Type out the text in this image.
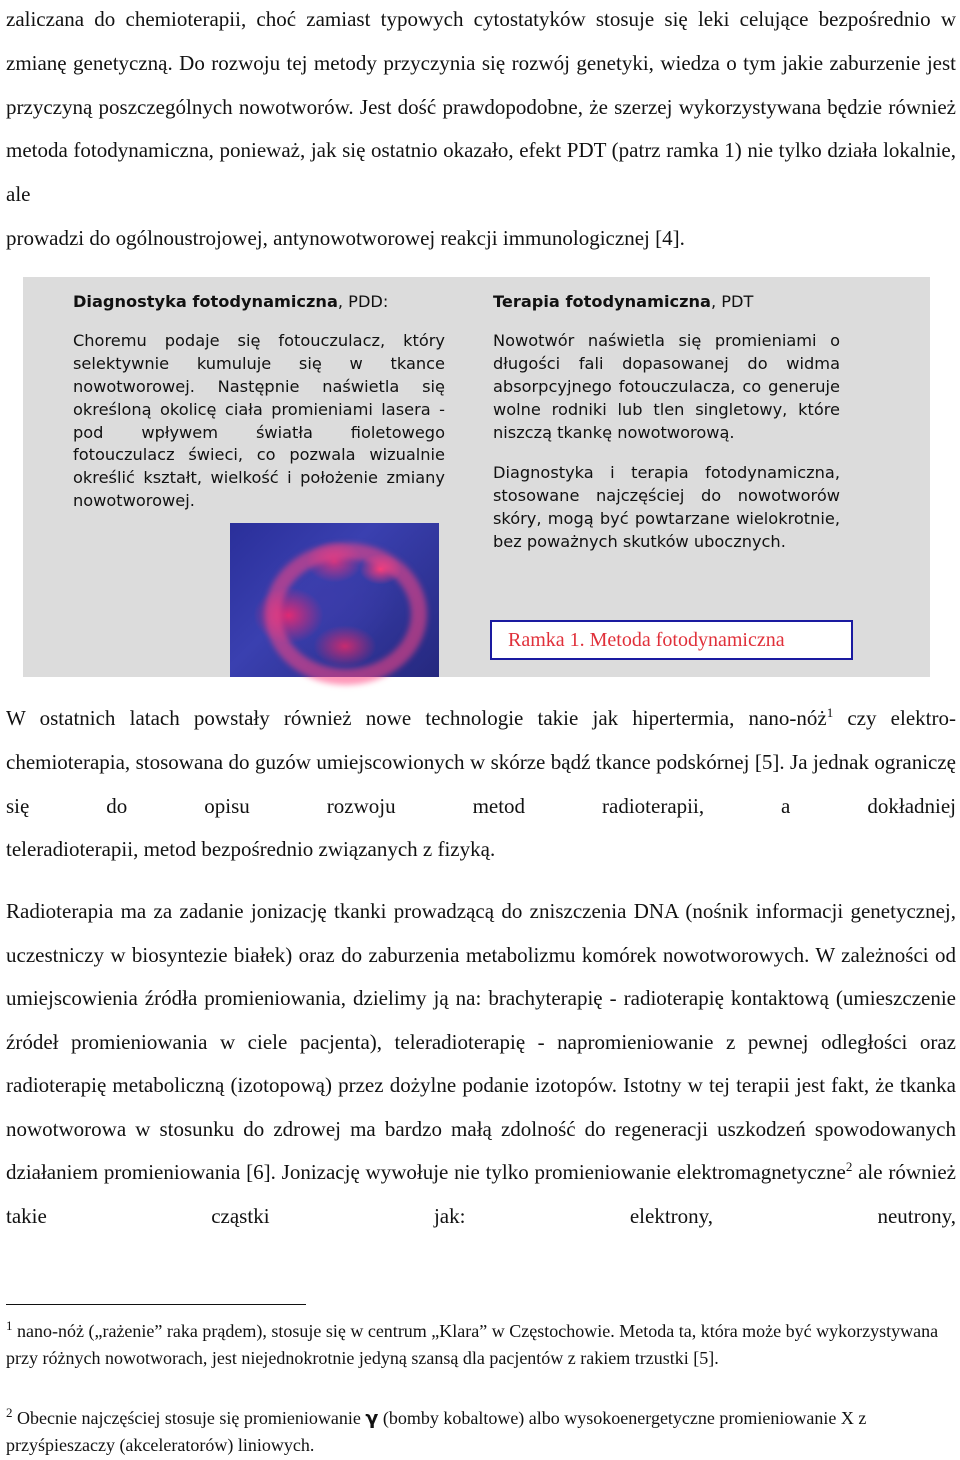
zaliczana do chemioterapii, choć zamiast typowych cytostatyków stosuje się leki celujące bezpośrednio w zmianę genetyczną. Do rozwoju tej metody przyczynia się rozwój genetyki, wiedza o tym jakie zaburzenie jest przyczyną poszczególnych nowotworów. Jest dość prawdopodobne, że szerzej wykorzystywana będzie również metoda fotodynamiczna, ponieważ, jak się ostatnio okazało, efekt PDT (patrz ramka 1) nie tylko działa lokalnie, ale
prowadzi do ogólnoustrojowej, antynowotworowej reakcji immunologicznej [4].

Diagnostyka fotodynamiczna, PDD:

Choremu podaje się fotouczulacz, który selektywnie kumuluje się w tkance nowotworowej. Następnie naświetla się określoną okolicę ciała promieniami lasera - pod wpływem światła fioletowego fotouczulacz świeci, co pozwala wizualnie określić kształt, wielkość i położenie zmiany nowotworowej.

Terapia fotodynamiczna, PDT

Nowotwór naświetla się promieniami o długości fali dopasowanej do widma absorpcyjnego fotouczulacza, co generuje wolne rodniki lub tlen singletowy, które niszczą tkankę nowotworową.

Diagnostyka i terapia fotodynamiczna, stosowane najczęściej do nowotworów skóry, mogą być powtarzane wielokrotnie, bez poważnych skutków ubocznych.

Ramka 1. Metoda fotodynamiczna

W ostatnich latach powstały również nowe technologie takie jak hipertermia, nano-nóż$^1$ czy elektro-chemioterapia, stosowana do guzów umiejscowionych w skórze bądź tkance podskórnej [5]. Ja jednak ograniczę się do opisu rozwoju metod radioterapii, a dokładniej
teleradioterapii, metod bezpośrednio związanych z fizyką.

Radioterapia ma za zadanie jonizację tkanki prowadzącą do zniszczenia DNA (nośnik informacji genetycznej, uczestniczy w biosyntezie białek) oraz do zaburzenia metabolizmu komórek nowotworowych. W zależności od umiejscowienia źródła promieniowania, dzielimy ją na: brachyterapię - radioterapię kontaktową (umieszczenie źródeł promieniowania w ciele pacjenta), teleradioterapię - napromieniowanie z pewnej odległości oraz radioterapię metaboliczną (izotopową) przez dożylne podanie izotopów. Istotny w tej terapii jest fakt, że tkanka nowotworowa w stosunku do zdrowej ma bardzo małą zdolność do regeneracji uszkodzeń spowodowanych działaniem promieniowania [6]. Jonizację wywołuje nie tylko promieniowanie elektromagnetyczne$^2$ ale również takie cząstki jak: elektrony, neutrony,

$^1$ nano-nóż („rażenie” raka prądem), stosuje się w centrum „Klara” w Częstochowie. Metoda ta, która może być wykorzystywana przy różnych nowotworach, jest niejednokrotnie jedyną szansą dla pacjentów z rakiem trzustki [5].

$^2$ Obecnie najczęściej stosuje się promieniowanie γ (bomby kobaltowe) albo wysokoenergetyczne promieniowanie X z przyśpieszaczy (akceleratorów) liniowych.
